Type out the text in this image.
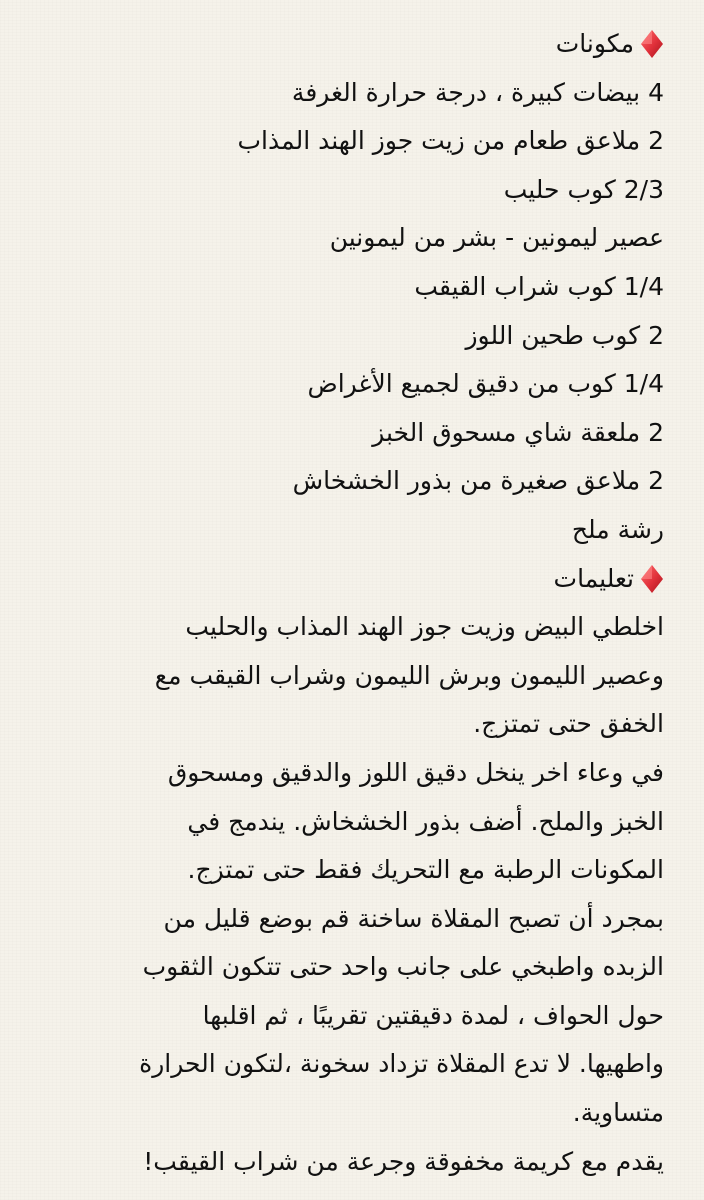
مكونات
4 بيضات كبيرة ، درجة حرارة الغرفة
2 ملاعق طعام من زيت جوز الهند المذاب
2/3 كوب حليب
عصير ليمونين - بشر من ليمونين
1/4 كوب شراب القيقب
2 كوب طحين اللوز
1/4 كوب من دقيق لجميع الأغراض
2 ملعقة شاي مسحوق الخبز
2 ملاعق صغيرة من بذور الخشخاش
رشة ملح
تعليمات
اخلطي البيض وزيت جوز الهند المذاب والحليب
وعصير الليمون وبرش الليمون وشراب القيقب مع
الخفق حتى تمتزج.
في وعاء اخر ينخل دقيق اللوز والدقيق ومسحوق
الخبز والملح. أضف بذور الخشخاش. يندمج في
المكونات الرطبة مع التحريك فقط حتى تمتزج.
بمجرد أن تصبح المقلاة ساخنة قم بوضع قليل من
الزبده واطبخي على جانب واحد حتى تتكون الثقوب
حول الحواف ، لمدة دقيقتين تقريبًا ، ثم اقلبها
واطهيها. لا تدع المقلاة تزداد سخونة ،لتكون الحرارة
متساوية.
يقدم مع كريمة مخفوقة وجرعة من شراب القيقب!
